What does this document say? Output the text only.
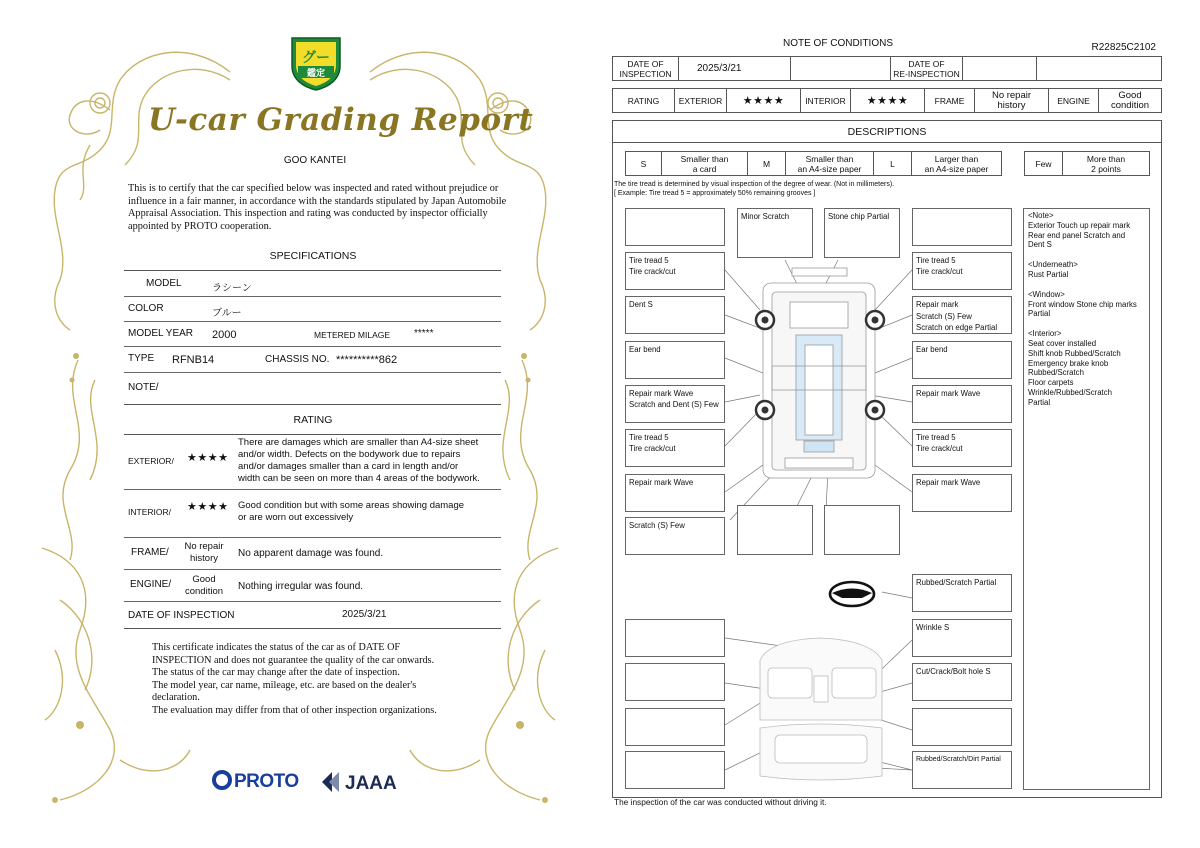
グー
鑑定
U-car Grading Report
GOO KANTEI
This is to certify that the car specified below was inspected and rated without prejudice or influence in a fair manner, in accordance with the standards stipulated by Japan Automobile Appraisal Association. This inspection and rating was conducted by inspector officially appointed by PROTO cooperation.
SPECIFICATIONS
MODEL	ラシーン
COLOR	ブルー
MODEL YEAR 2000	METERED MILAGE *****
TYPE RFNB14	CHASSIS NO. **********862
NOTE/
RATING
EXTERIOR/ ★★★★
There are damages which are smaller than A4-size sheet
and/or width. Defects on the bodywork due to repairs
and/or damages smaller than a card in length and/or
width can be seen on more than 4 areas of the bodywork.
INTERIOR/ ★★★★ Good condition but with some areas showing damage
or are worn out excessively
FRAME/
No repair
history	No apparent damage was found.
ENGINE/	Good
condition	Nothing irregular was found.
DATE OF INSPECTION	2025/3/21
This certificate indicates the status of the car as of DATE OF
INSPECTION and does not guarantee the quality of the car onwards.
The status of the car may change after the date of inspection.
The model year, car name, mileage, etc. are based on the dealer's
declaration.
The evaluation may differ from that of other inspection organizations.
PROTO	JAAA
NOTE OF CONDITIONS	R22825C2102
DATE OF
INSPECTION	2025/3/21	DATE OF
RE-INSPECTION
RATING	EXTERIOR	★★★★	INTERIOR	★★★★	FRAME	No repair
history	ENGINE	Good
condition
DESCRIPTIONS
S	Smaller than
a card	M	Smaller than
an A4-size paper	L	Larger than
an A4-size paper	Few	More than
2 points
The tire tread is determined by visual inspection of the degree of wear. (Not in millimeters).
[ Example: Tire tread 5 = approximately 50% remaining grooves ]
Tire tread 5
Tire crack/cut
Dent S
Ear bend
Repair mark Wave
Scratch and Dent (S) Few
Tire tread 5
Tire crack/cut
Repair mark Wave
Scratch (S) Few
Minor Scratch	Stone chip Partial
Tire tread 5
Tire crack/cut
Repair mark
Scratch (S) Few
Scratch on edge Partial
Ear bend
Repair mark Wave
Tire tread 5
Tire crack/cut
Repair mark Wave
Rubbed/Scratch Partial
Wrinkle S
Cut/Crack/Bolt hole S
Rubbed/Scratch/Dirt Partial
<Note>
Exterior Touch up repair mark
Rear end panel Scratch and
Dent S
<Underneath>
Rust Partial
<Window>
Front window Stone chip marks
Partial
<Interior>
Seat cover installed
Shift knob Rubbed/Scratch
Emergency brake knob
Rubbed/Scratch
Floor carpets
Wrinkle/Rubbed/Scratch
Partial
The inspection of the car was conducted without driving it.
